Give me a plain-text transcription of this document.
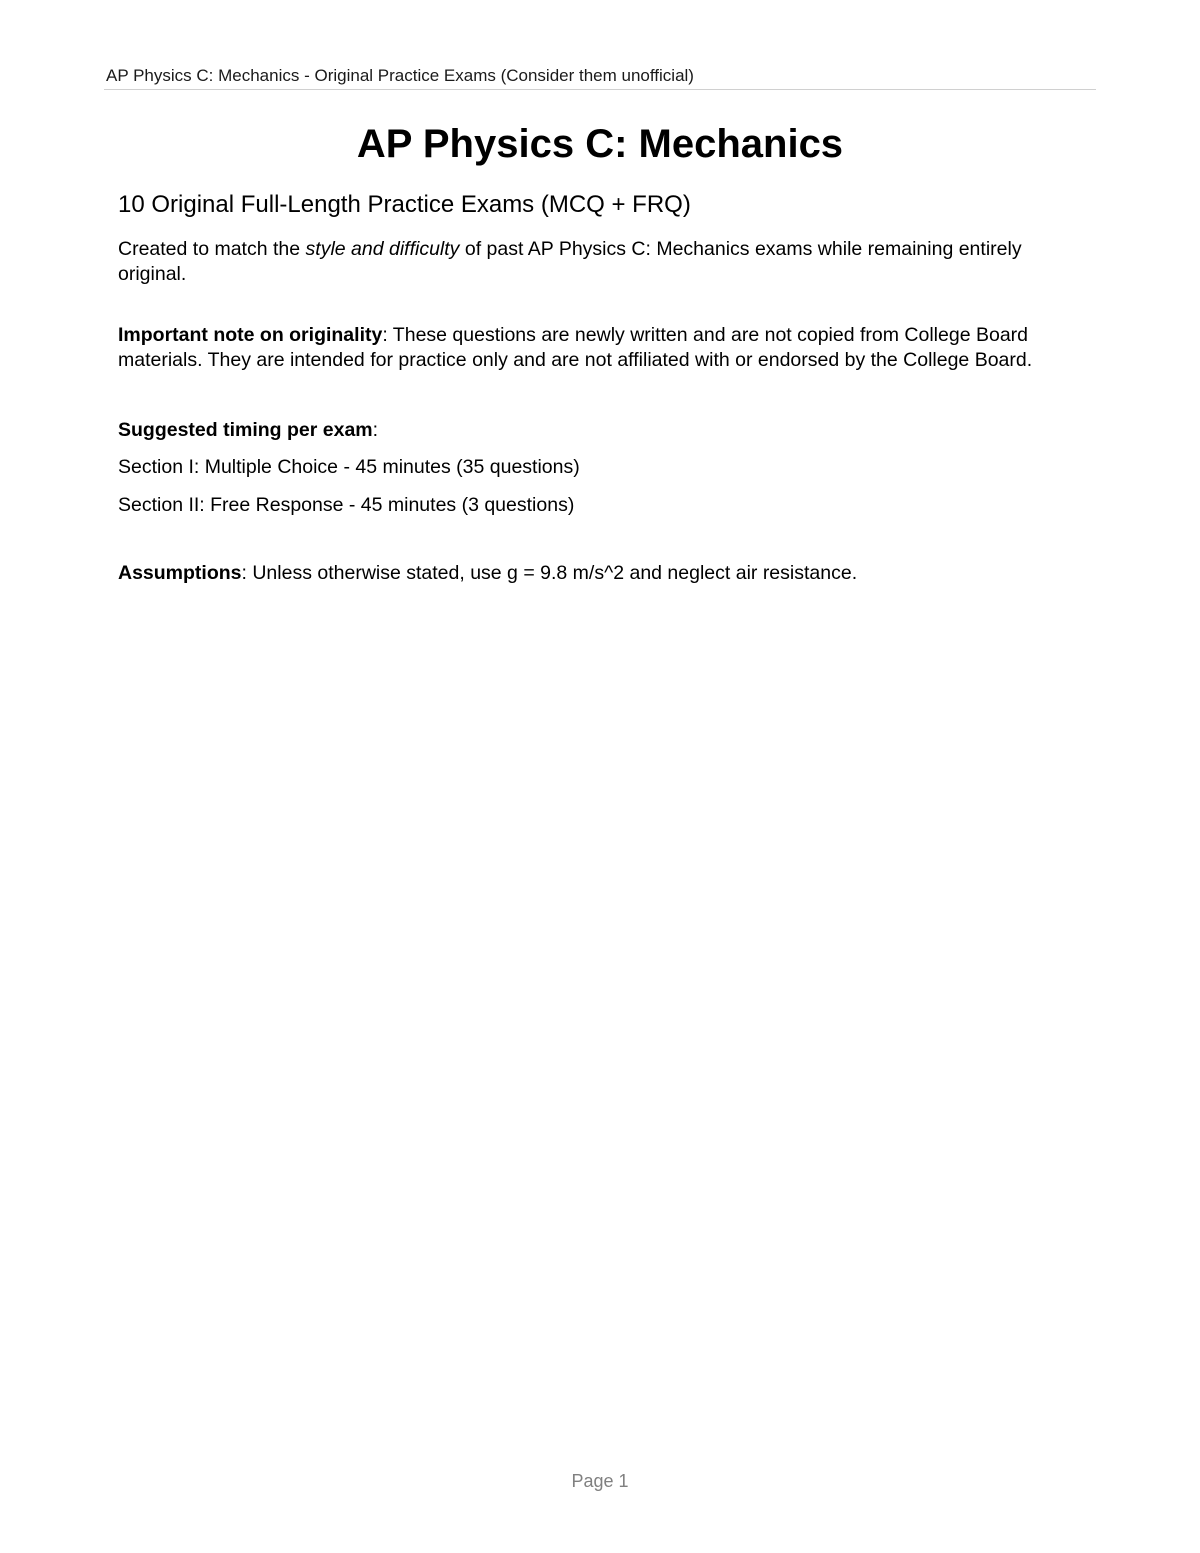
AP Physics C: Mechanics - Original Practice Exams (Consider them unofficial)
AP Physics C: Mechanics
10 Original Full-Length Practice Exams (MCQ + FRQ)

Created to match the style and difficulty of past AP Physics C: Mechanics exams while remaining entirely original.

Important note on originality: These questions are newly written and are not copied from College Board materials. They are intended for practice only and are not affiliated with or endorsed by the College Board.

Suggested timing per exam:

Section I: Multiple Choice - 45 minutes (35 questions)

Section II: Free Response - 45 minutes (3 questions)

Assumptions: Unless otherwise stated, use g = 9.8 m/s^2 and neglect air resistance.

Page 1
